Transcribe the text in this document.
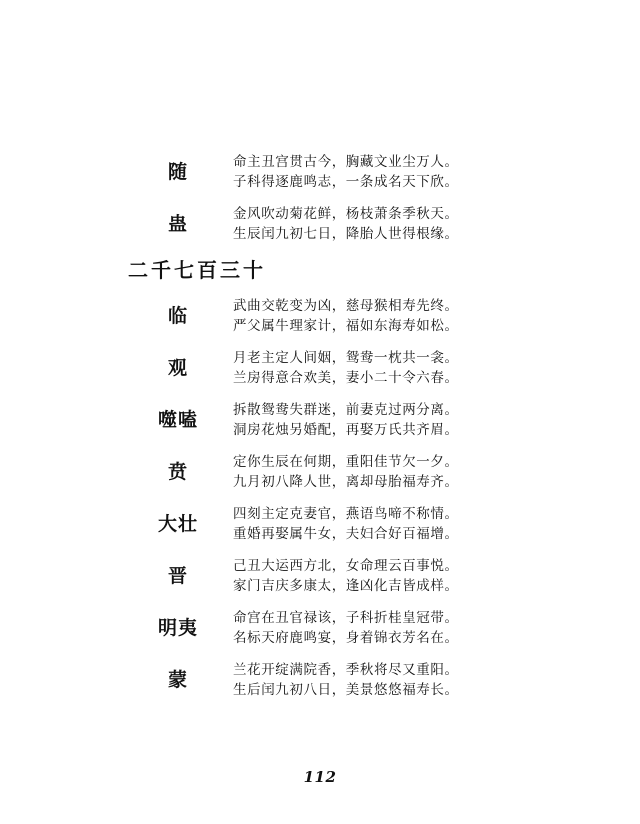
随	命主丑宫贯古今，胸藏文业尘万人。
子科得逐鹿鸣志，一条成名天下欣。
蛊	金风吹动菊花鲜，杨枝萧条季秋天。
生辰闰九初七日，降胎人世得根缘。
二千七百三十
临	武曲交乾变为凶，慈母猴相寿先终。
严父属牛理家计，福如东海寿如松。
观	月老主定人间姻，鸳鸯一枕共一衾。
兰房得意合欢美，妻小二十令六春。
噬嗑	拆散鸳鸯失群迷，前妻克过两分离。
洞房花烛另婚配，再娶万氏共齐眉。
贲	定你生辰在何期，重阳佳节欠一夕。
九月初八降人世，离却母胎福寿齐。
大壮	四刻主定克妻官，燕语鸟啼不称情。
重婚再娶属牛女，夫妇合好百福增。
晋	己丑大运西方北，女命理云百事悦。
家门吉庆多康太，逢凶化吉皆成样。
明夷	命宫在丑官禄该，子科折桂皇冠带。
名标天府鹿鸣宴，身着锦衣芳名在。
蒙	兰花开绽满院香，季秋将尽又重阳。
生后闰九初八日，美景悠悠福寿长。
112
